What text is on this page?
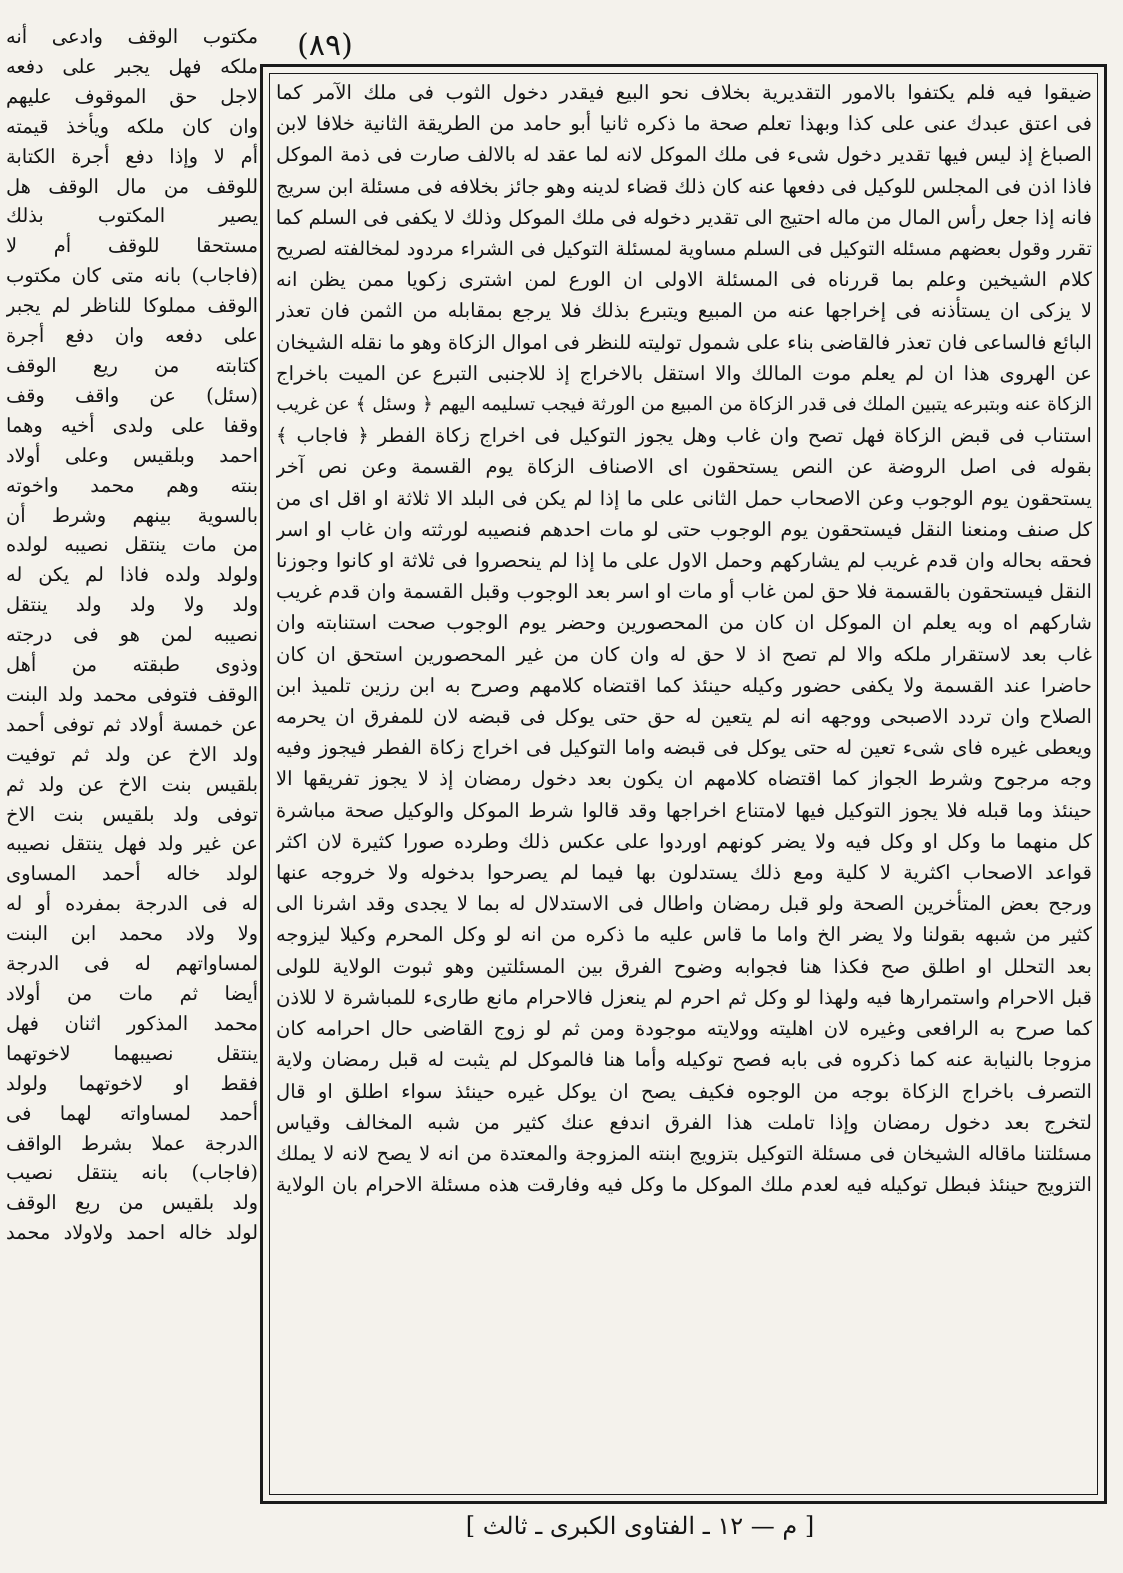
(٨٩)

مكتوب الوقف وادعى أنه

ملكه فهل يجبر على دفعه

لاجل حق الموقوف عليهم

وان كان ملكه ويأخذ قيمته

أم لا وإذا دفع أجرة الكتابة

للوقف من مال الوقف هل

يصير المكتوب بذلك

مستحقا للوقف أم لا

(فاجاب) بانه متى كان مكتوب

الوقف مملوكا للناظر لم يجبر

على دفعه وان دفع أجرة

كتابته من ريع الوقف

(سئل) عن واقف وقف

وقفا على ولدى أخيه وهما

احمد وبلقيس وعلى أولاد

بنته وهم محمد واخوته

بالسوية بينهم وشرط أن

من مات ينتقل نصيبه لولده

ولولد ولده فاذا لم يكن له

ولد ولا ولد ولد ينتقل

نصيبه لمن هو فى درجته

وذوى طبقته من أهل

الوقف فتوفى محمد ولد البنت

عن خمسة أولاد ثم توفى أحمد

ولد الاخ عن ولد ثم توفيت

بلقيس بنت الاخ عن ولد ثم

توفى ولد بلقيس بنت الاخ

عن غير ولد فهل ينتقل نصيبه

لولد خاله أحمد المساوى

له فى الدرجة بمفرده أو له

ولا ولاد محمد ابن البنت

لمساواتهم له فى الدرجة

أيضا ثم مات من أولاد

محمد المذكور اثنان فهل

ينتقل نصيبهما لاخوتهما

فقط او لاخوتهما ولولد

أحمد لمساواته لهما فى

الدرجة عملا بشرط الواقف

(فاجاب) بانه ينتقل نصيب

ولد بلقيس من ريع الوقف

لولد خاله احمد ولاولاد محمد

ضيقوا فيه فلم يكتفوا بالامور التقديرية بخلاف نحو البيع فيقدر دخول الثوب فى ملك الآمر كما

فى اعتق عبدك عنى على كذا وبهذا تعلم صحة ما ذكره ثانيا أبو حامد من الطريقة الثانية خلافا لابن

الصباغ إذ ليس فيها تقدير دخول شىء فى ملك الموكل لانه لما عقد له بالالف صارت فى ذمة الموكل

فاذا اذن فى المجلس للوكيل فى دفعها عنه كان ذلك قضاء لدينه وهو جائز بخلافه فى مسئلة ابن سريج

فانه إذا جعل رأس المال من ماله احتيج الى تقدير دخوله فى ملك الموكل وذلك لا يكفى فى السلم كما

تقرر وقول بعضهم مسئله التوكيل فى السلم مساوية لمسئلة التوكيل فى الشراء مردود لمخالفته لصريح

كلام الشيخين وعلم بما قررناه فى المسئلة الاولى ان الورع لمن اشترى زكويا ممن يظن انه

لا يزكى ان يستأذنه فى إخراجها عنه من المبيع ويتبرع بذلك فلا يرجع بمقابله من الثمن فان تعذر

البائع فالساعى فان تعذر فالقاضى بناء على شمول توليته للنظر فى اموال الزكاة وهو ما نقله الشيخان

عن الهروى هذا ان لم يعلم موت المالك والا استقل بالاخراج إذ للاجنبى التبرع عن الميت باخراج

الزكاة عنه وبتبرعه يتبين الملك فى قدر الزكاة من المبيع من الورثة فيجب تسليمه اليهم ﴿ وسئل ﴾ عن غريب

استناب فى قبض الزكاة فهل تصح وان غاب وهل يجوز التوكيل فى اخراج زكاة الفطر ﴿ فاجاب ﴾

بقوله فى اصل الروضة عن النص يستحقون اى الاصناف الزكاة يوم القسمة وعن نص آخر

يستحقون يوم الوجوب وعن الاصحاب حمل الثانى على ما إذا لم يكن فى البلد الا ثلاثة او اقل اى من

كل صنف ومنعنا النقل فيستحقون يوم الوجوب حتى لو مات احدهم فنصيبه لورثته وان غاب او اسر

فحقه بحاله وان قدم غريب لم يشاركهم وحمل الاول على ما إذا لم ينحصروا فى ثلاثة او كانوا وجوزنا

النقل فيستحقون بالقسمة فلا حق لمن غاب أو مات او اسر بعد الوجوب وقبل القسمة وان قدم غريب

شاركهم اه وبه يعلم ان الموكل ان كان من المحصورين وحضر يوم الوجوب صحت استنابته وان

غاب بعد لاستقرار ملكه والا لم تصح اذ لا حق له وان كان من غير المحصورين استحق ان كان

حاضرا عند القسمة ولا يكفى حضور وكيله حينئذ كما اقتضاه كلامهم وصرح به ابن رزين تلميذ ابن

الصلاح وان تردد الاصبحى ووجهه انه لم يتعين له حق حتى يوكل فى قبضه لان للمفرق ان يحرمه

ويعطى غيره فاى شىء تعين له حتى يوكل فى قبضه واما التوكيل فى اخراج زكاة الفطر فيجوز وفيه

وجه مرجوح وشرط الجواز كما اقتضاه كلامهم ان يكون بعد دخول رمضان إذ لا يجوز تفريقها الا

حينئذ وما قبله فلا يجوز التوكيل فيها لامتناع اخراجها وقد قالوا شرط الموكل والوكيل صحة مباشرة

كل منهما ما وكل او وكل فيه ولا يضر كونهم اوردوا على عكس ذلك وطرده صورا كثيرة لان اكثر

قواعد الاصحاب اكثرية لا كلية ومع ذلك يستدلون بها فيما لم يصرحوا بدخوله ولا خروجه عنها

ورجح بعض المتأخرين الصحة ولو قبل رمضان واطال فى الاستدلال له بما لا يجدى وقد اشرنا الى

كثير من شبهه بقولنا ولا يضر الخ واما ما قاس عليه ما ذكره من انه لو وكل المحرم وكيلا ليزوجه

بعد التحلل او اطلق صح فكذا هنا فجوابه وضوح الفرق بين المسئلتين وهو ثبوت الولاية للولى

قبل الاحرام واستمرارها فيه ولهذا لو وكل ثم احرم لم ينعزل فالاحرام مانع طارىء للمباشرة لا للاذن

كما صرح به الرافعى وغيره لان اهليته وولايته موجودة ومن ثم لو زوج القاضى حال احرامه كان

مزوجا بالنيابة عنه كما ذكروه فى بابه فصح توكيله وأما هنا فالموكل لم يثبت له قبل رمضان ولاية

التصرف باخراج الزكاة بوجه من الوجوه فكيف يصح ان يوكل غيره حينئذ سواء اطلق او قال

لتخرج بعد دخول رمضان وإذا تاملت هذا الفرق اندفع عنك كثير من شبه المخالف وقياس

مسئلتنا ماقاله الشيخان فى مسئلة التوكيل بتزويج ابنته المزوجة والمعتدة من انه لا يصح لانه لا يملك

التزويج حينئذ فبطل توكيله فيه لعدم ملك الموكل ما وكل فيه وفارقت هذه مسئلة الاحرام بان الولاية

[ م — ١٢ ـ الفتاوى الكبرى ـ ثالث ]
